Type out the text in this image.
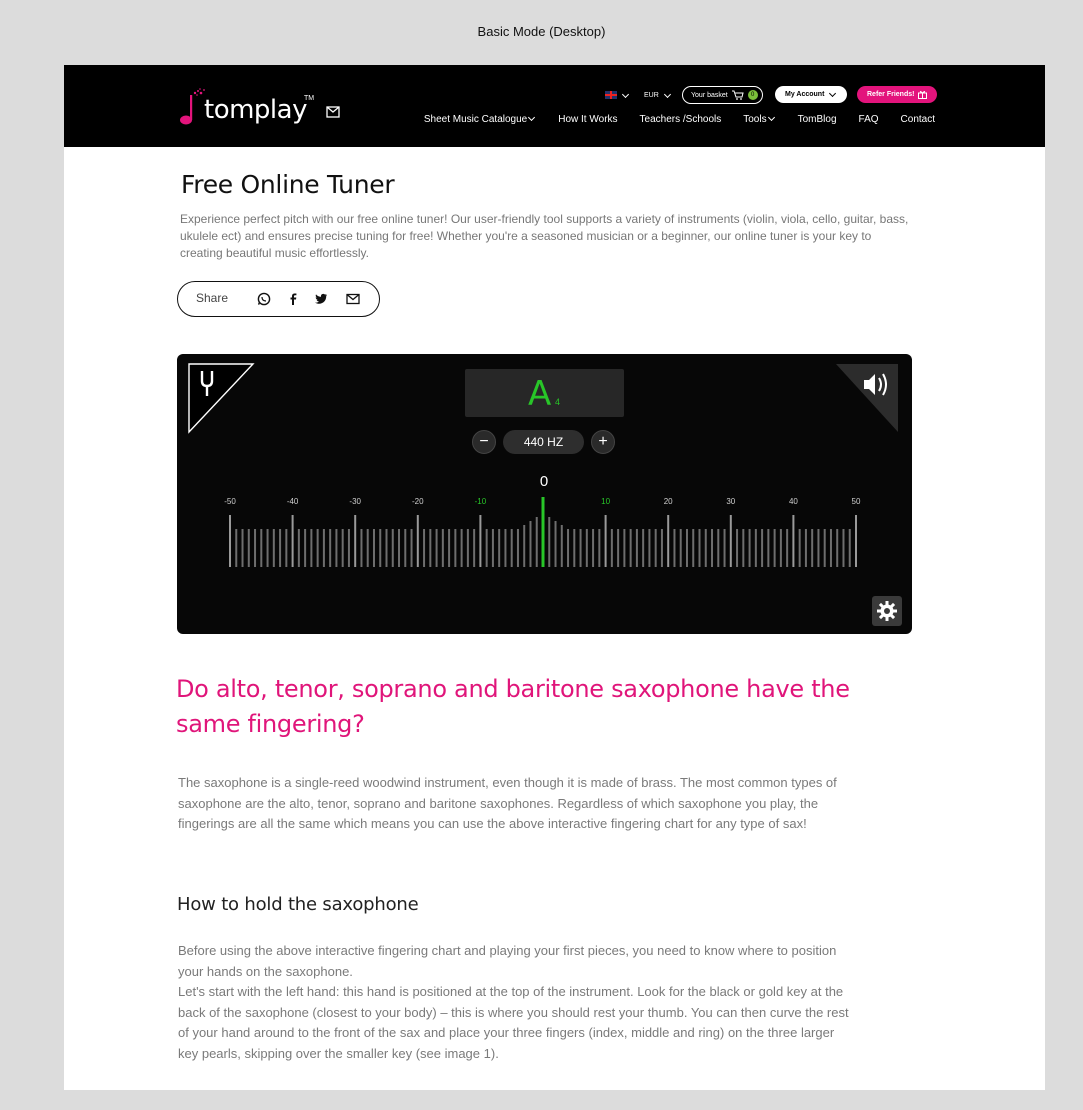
Basic Mode (Desktop)
tomplay
TM	EUR	Your basket	0	My Account	Refer Friends!
Sheet Music Catalogue	How It Works Teachers /Schools Tools	TomBlog FAQ Contact
Free Online Tuner

Experience perfect pitch with our free online tuner! Our user-friendly tool supports a variety of instruments (violin, viola, cello, guitar, bass, ukulele ect) and ensures precise tuning for free! Whether you're a seasoned musician or a beginner, our online tuner is your key to creating beautiful music effortlessly.

Share
A 4
−	440 HZ	+
0
-50	-40	-30	-20	-10	10	20	30	40	50
Do alto, tenor, soprano and baritone saxophone have the same fingering?

The saxophone is a single-reed woodwind instrument, even though it is made of brass. The most common types of saxophone are the alto, tenor, soprano and baritone saxophones. Regardless of which saxophone you play, the fingerings are all the same which means you can use the above interactive fingering chart for any type of sax!

How to hold the saxophone
Before using the above interactive fingering chart and playing your first pieces, you need to know where to position your hands on the saxophone.
Let's start with the left hand: this hand is positioned at the top of the instrument. Look for the black or gold key at the back of the saxophone (closest to your body) – this is where you should rest your thumb. You can then curve the rest of your hand around to the front of the sax and place your three fingers (index, middle and ring) on the three larger key pearls, skipping over the smaller key (see image 1).
